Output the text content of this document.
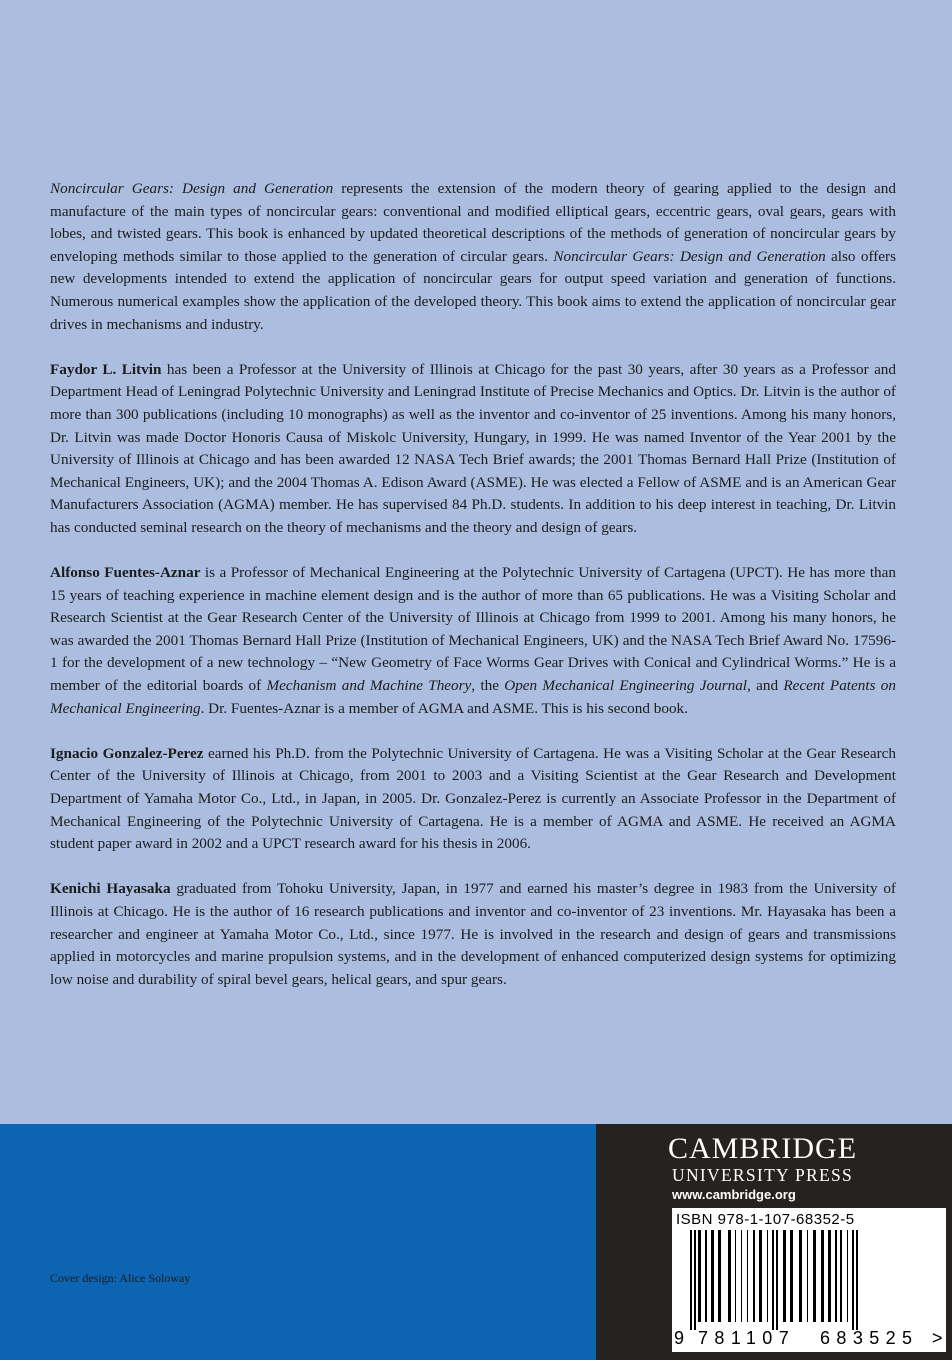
Noncircular Gears: Design and Generation represents the extension of the modern theory of gearing applied to the design and manufacture of the main types of noncircular gears: conventional and modified elliptical gears, eccentric gears, oval gears, gears with lobes, and twisted gears. This book is enhanced by updated theoretical descriptions of the methods of generation of noncircular gears by enveloping methods similar to those applied to the generation of circular gears. Noncircular Gears: Design and Generation also offers new developments intended to extend the application of noncircular gears for output speed variation and generation of functions. Numerous numerical examples show the application of the developed theory. This book aims to extend the application of noncircular gear drives in mechanisms and industry.

Faydor L. Litvin has been a Professor at the University of Illinois at Chicago for the past 30 years, after 30 years as a Professor and Department Head of Leningrad Polytechnic University and Leningrad Institute of Precise Mechanics and Optics. Dr. Litvin is the author of more than 300 publications (including 10 monographs) as well as the inventor and co-inventor of 25 inventions. Among his many honors, Dr. Litvin was made Doctor Honoris Causa of Miskolc University, Hungary, in 1999. He was named Inventor of the Year 2001 by the University of Illinois at Chicago and has been awarded 12 NASA Tech Brief awards; the 2001 Thomas Bernard Hall Prize (Institution of Mechanical Engineers, UK); and the 2004 Thomas A. Edison Award (ASME). He was elected a Fellow of ASME and is an American Gear Manufacturers Association (AGMA) member. He has supervised 84 Ph.D. students. In addition to his deep interest in teaching, Dr. Litvin has conducted seminal research on the theory of mechanisms and the theory and design of gears.

Alfonso Fuentes-Aznar is a Professor of Mechanical Engineering at the Polytechnic University of Cartagena (UPCT). He has more than 15 years of teaching experience in machine element design and is the author of more than 65 publications. He was a Visiting Scholar and Research Scientist at the Gear Research Center of the University of Illinois at Chicago from 1999 to 2001. Among his many honors, he was awarded the 2001 Thomas Bernard Hall Prize (Institution of Mechanical Engineers, UK) and the NASA Tech Brief Award No. 17596-1 for the development of a new technology – “New Geometry of Face Worms Gear Drives with Conical and Cylindrical Worms.” He is a member of the editorial boards of Mechanism and Machine Theory, the Open Mechanical Engineering Journal, and Recent Patents on Mechanical Engineering. Dr. Fuentes-Aznar is a member of AGMA and ASME. This is his second book.

Ignacio Gonzalez-Perez earned his Ph.D. from the Polytechnic University of Cartagena. He was a Visiting Scholar at the Gear Research Center of the University of Illinois at Chicago, from 2001 to 2003 and a Visiting Scientist at the Gear Research and Development Department of Yamaha Motor Co., Ltd., in Japan, in 2005. Dr. Gonzalez-Perez is currently an Associate Professor in the Department of Mechanical Engineering of the Polytechnic University of Cartagena. He is a member of AGMA and ASME. He received an AGMA student paper award in 2002 and a UPCT research award for his thesis in 2006.

Kenichi Hayasaka graduated from Tohoku University, Japan, in 1977 and earned his master’s degree in 1983 from the University of Illinois at Chicago. He is the author of 16 research publications and inventor and co-inventor of 23 inventions. Mr. Hayasaka has been a researcher and engineer at Yamaha Motor Co., Ltd., since 1977. He is involved in the research and design of gears and transmissions applied in motorcycles and marine propulsion systems, and in the development of enhanced computerized design systems for optimizing low noise and durability of spiral bevel gears, helical gears, and spur gears.

Cover design: Alice Soloway
CAMBRIDGE
UNIVERSITY PRESS
www.cambridge.org
ISBN 978-1-107-68352-5
9 781107 683525 >
